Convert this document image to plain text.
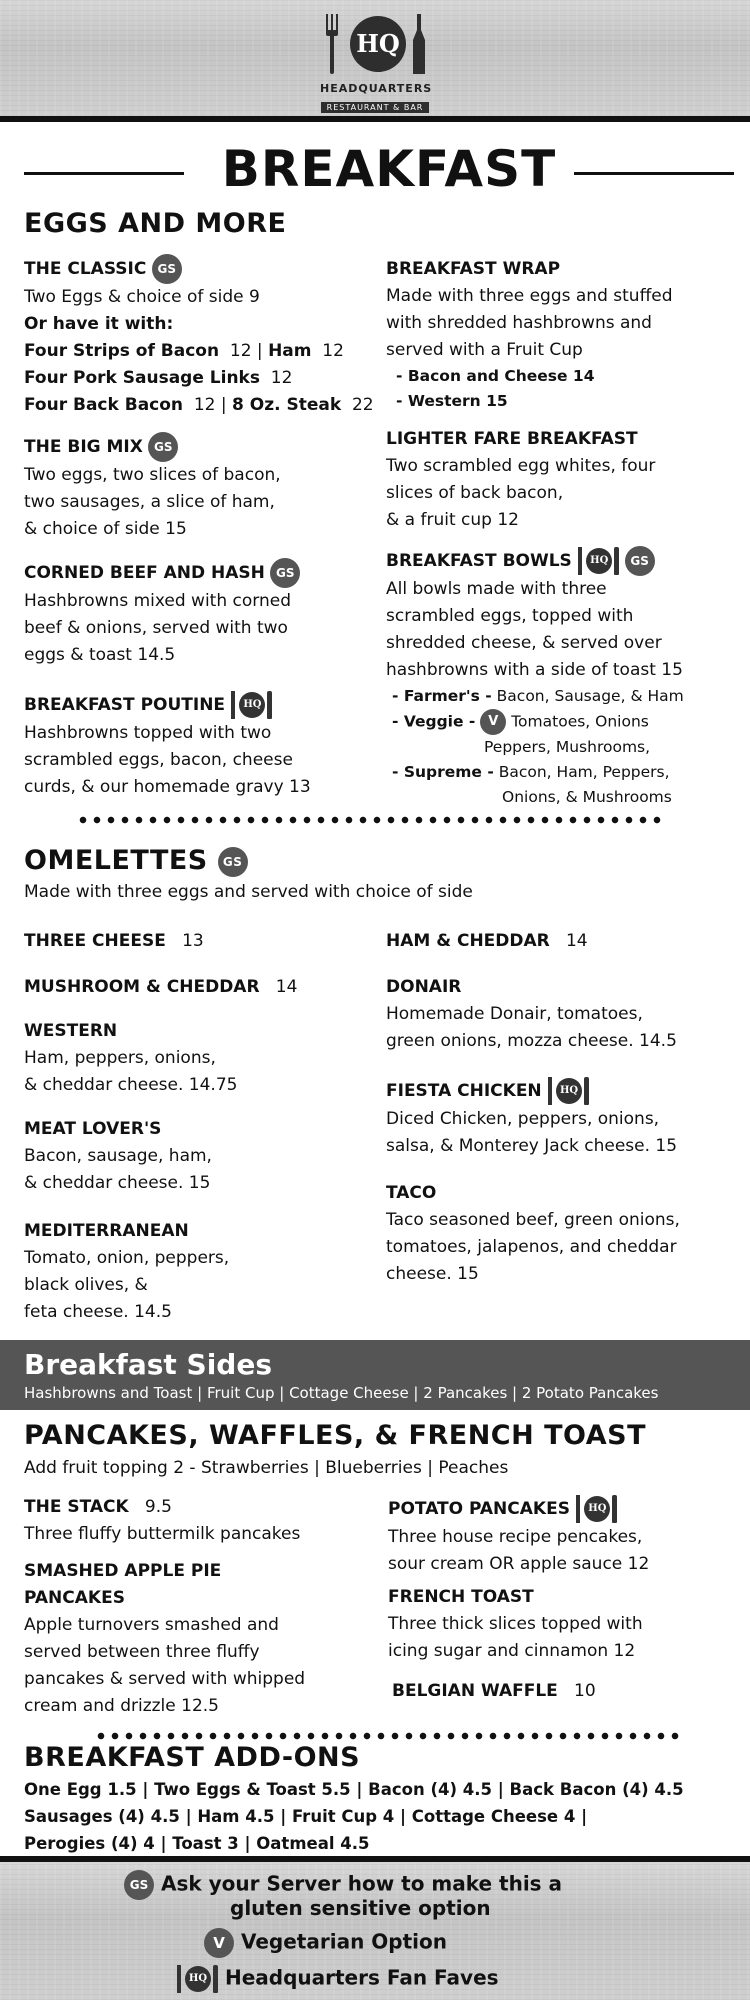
HQ
HEADQUARTERS
RESTAURANT & BAR
BREAKFAST
EGGS AND MORE
THE CLASSIC GS
Two Eggs & choice of side 9
Or have it with:
Four Strips of Bacon 12 | Ham 12
Four Pork Sausage Links 12
Four Back Bacon 12 | 8 Oz. Steak 22
THE BIG MIX GS
Two eggs, two slices of bacon,
two sausages, a slice of ham,
& choice of side 15
CORNED BEEF AND HASH GS
Hashbrowns mixed with corned
beef & onions, served with two
eggs & toast 14.5
BREAKFAST POUTINE	HQ
Hashbrowns topped with two
scrambled eggs, bacon, cheese
curds, & our homemade gravy 13
BREAKFAST WRAP
Made with three eggs and stuffed
with shredded hashbrowns and
served with a Fruit Cup
- Bacon and Cheese 14
- Western 15
LIGHTER FARE BREAKFAST
Two scrambled egg whites, four
slices of back bacon,
& a fruit cup 12
BREAKFAST BOWLS	HQ	GS
All bowls made with three
scrambled eggs, topped with
shredded cheese, & served over
hashbrowns with a side of toast 15
- Farmer's - Bacon, Sausage, & Ham
- Veggie - V Tomatoes, Onions
Peppers, Mushrooms,
- Supreme - Bacon, Ham, Peppers,
Onions, & Mushrooms
OMELETTES GS
Made with three eggs and served with choice of side
THREE CHEESE 13
MUSHROOM & CHEDDAR 14
WESTERN
Ham, peppers, onions,
& cheddar cheese. 14.75
MEAT LOVER'S
Bacon, sausage, ham,
& cheddar cheese. 15
MEDITERRANEAN
Tomato, onion, peppers,
black olives, &
feta cheese. 14.5
HAM & CHEDDAR 14
DONAIR
Homemade Donair, tomatoes,
green onions, mozza cheese. 14.5
FIESTA CHICKEN	HQ
Diced Chicken, peppers, onions,
salsa, & Monterey Jack cheese. 15
TACO
Taco seasoned beef, green onions,
tomatoes, jalapenos, and cheddar
cheese. 15
Breakfast Sides
Hashbrowns and Toast | Fruit Cup | Cottage Cheese | 2 Pancakes | 2 Potato Pancakes
PANCAKES, WAFFLES, & FRENCH TOAST
Add fruit topping 2 - Strawberries | Blueberries | Peaches
THE STACK 9.5
Three fluffy buttermilk pancakes
SMASHED APPLE PIE
PANCAKES
Apple turnovers smashed and
served between three fluffy
pancakes & served with whipped
cream and drizzle 12.5
POTATO PANCAKES	HQ
Three house recipe pencakes,
sour cream OR apple sauce 12
FRENCH TOAST
Three thick slices topped with
icing sugar and cinnamon 12
BELGIAN WAFFLE 10
BREAKFAST ADD-ONS
One Egg 1.5 | Two Eggs & Toast 5.5 | Bacon (4) 4.5 | Back Bacon (4) 4.5
Sausages (4) 4.5 | Ham 4.5 | Fruit Cup 4 | Cottage Cheese 4 |
Perogies (4) 4 | Toast 3 | Oatmeal 4.5
GS Ask your Server how to make this a
gluten sensitive option
V Vegetarian Option
HQ Headquarters Fan Faves
